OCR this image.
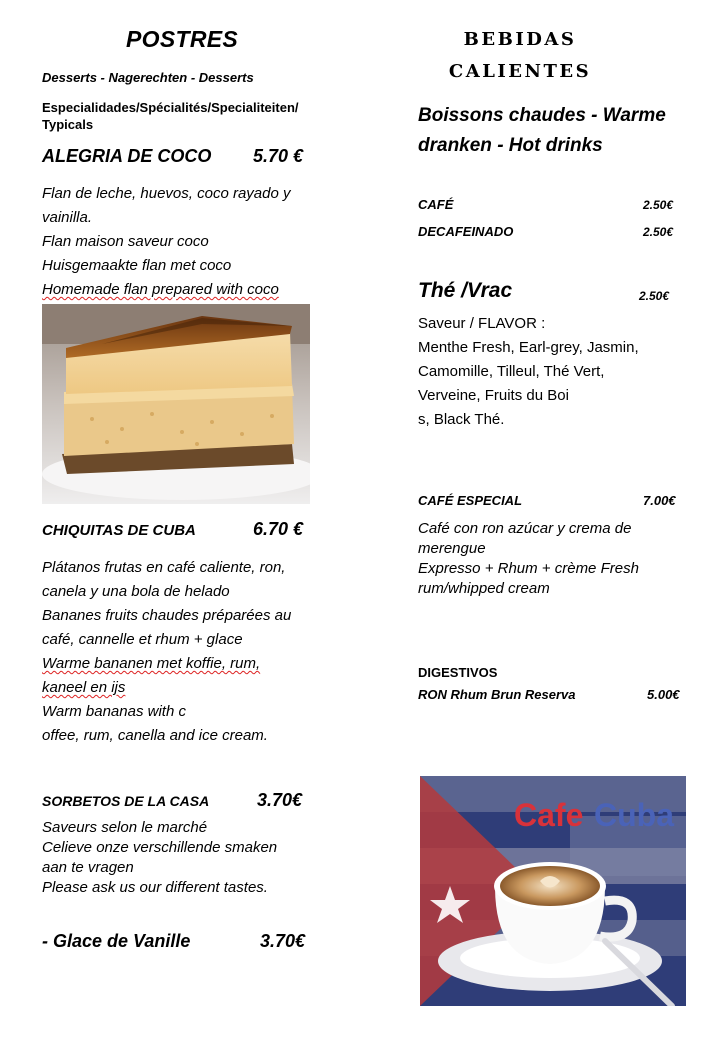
POSTRES
Desserts - Nagerechten - Desserts
Especialidades/Spécialités/Specialiteiten/ Typicals
ALEGRIA DE COCO 5.70 €
Flan de leche, huevos, coco rayado y
vainilla.
Flan maison saveur coco
Huisgemaakte flan met coco
Homemade flan prepared with coco
CHIQUITAS DE CUBA	6.70 €
Plátanos frutas en café caliente, ron,
canela y una bola de helado
Bananes fruits chaudes préparées au
café, cannelle et rhum + glace
Warme bananen met koffie, rum,
kaneel en ijs
Warm bananas with c
offee, rum, canella and ice cream.
SORBETOS DE LA CASA	3.70€
Saveurs selon le marché
Celieve onze verschillende smaken
aan te vragen
Please ask us our different tastes.
- Glace de Vanille	3.70€
BEBIDAS
CALIENTES
Boissons chaudes - Warme
dranken - Hot drinks
CAFÉ	2.50€
DECAFEINADO	2.50€
Thé /Vrac	2.50€
Saveur / FLAVOR :
Menthe Fresh, Earl-grey, Jasmin,
Camomille, Tilleul, Thé Vert,
Verveine, Fruits du Boi
s, Black Thé.
CAFÉ ESPECIAL	7.00€
Café con ron azúcar y crema de
merengue
Expresso + Rhum + crème Fresh
rum/whipped cream
DIGESTIVOS
RON Rhum Brun Reserva	5.00€
Cafe Cuba
